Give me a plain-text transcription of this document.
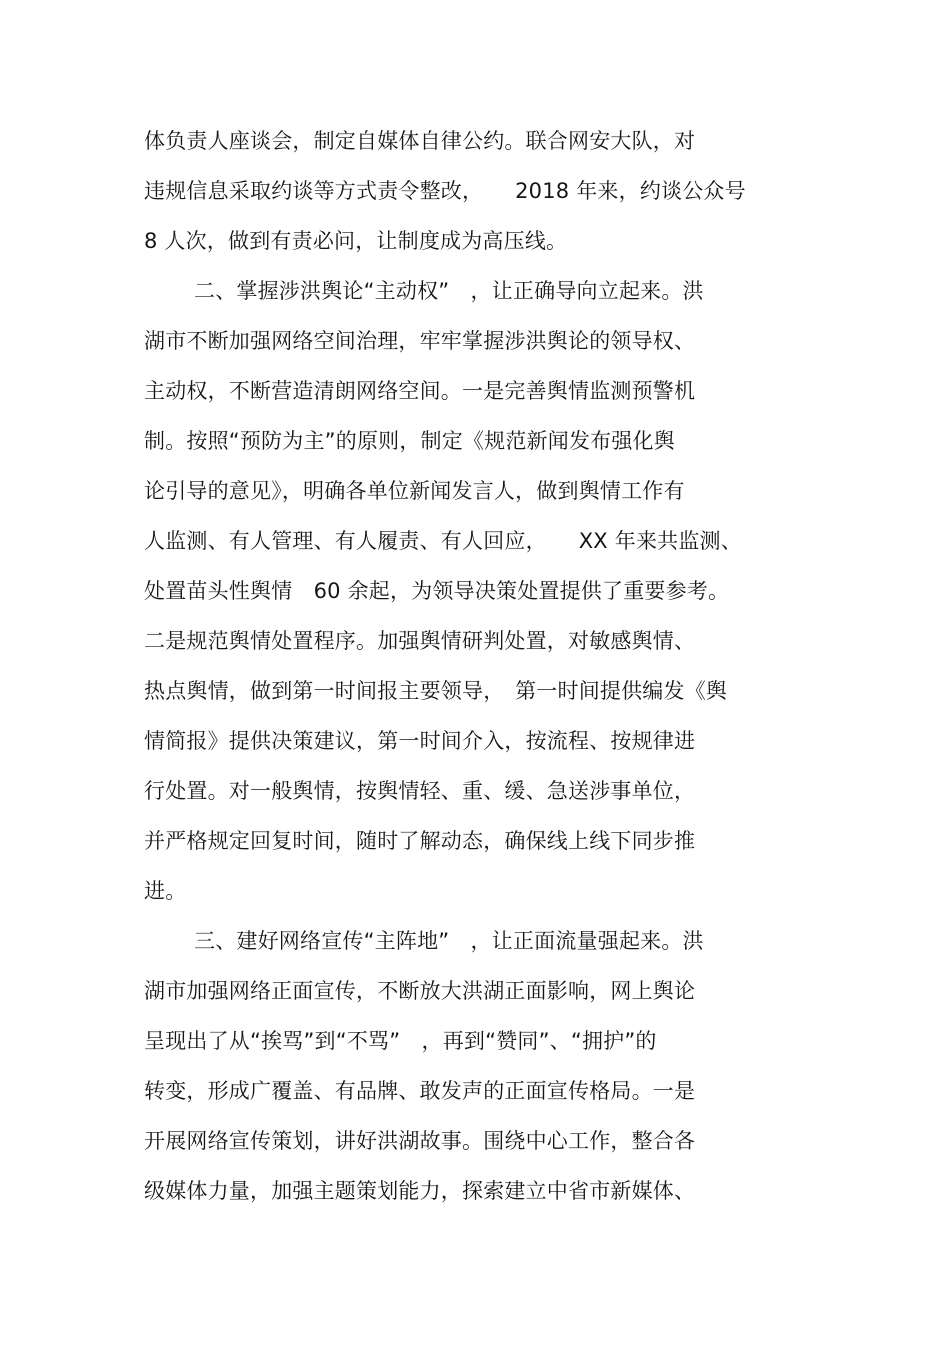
体负责人座谈会，制定自媒体自律公约。联合网安大队，对
违规信息采取约谈等方式责令整改，　　2018 年来，约谈公众号
8 人次，做到有责必问，让制度成为高压线。
二、掌握涉洪舆论“主动权”　，让正确导向立起来。洪
湖市不断加强网络空间治理，牢牢掌握涉洪舆论的领导权、
主动权，不断营造清朗网络空间。一是完善舆情监测预警机
制。按照“预防为主”的原则，制定《规范新闻发布强化舆
论引导的意见》，明确各单位新闻发言人，做到舆情工作有
人监测、有人管理、有人履责、有人回应，　　XX 年来共监测、
处置苗头性舆情　60 余起，为领导决策处置提供了重要参考。
二是规范舆情处置程序。加强舆情研判处置，对敏感舆情、
热点舆情，做到第一时间报主要领导，　第一时间提供编发《舆
情简报》提供决策建议，第一时间介入，按流程、按规律进
行处置。对一般舆情，按舆情轻、重、缓、急送涉事单位，
并严格规定回复时间，随时了解动态，确保线上线下同步推
进。
三、建好网络宣传“主阵地”　，让正面流量强起来。洪
湖市加强网络正面宣传，不断放大洪湖正面影响，网上舆论
呈现出了从“挨骂”到“不骂”　，再到“赞同”、“拥护”的
转变，形成广覆盖、有品牌、敢发声的正面宣传格局。一是
开展网络宣传策划，讲好洪湖故事。围绕中心工作，整合各
级媒体力量，加强主题策划能力，探索建立中省市新媒体、
